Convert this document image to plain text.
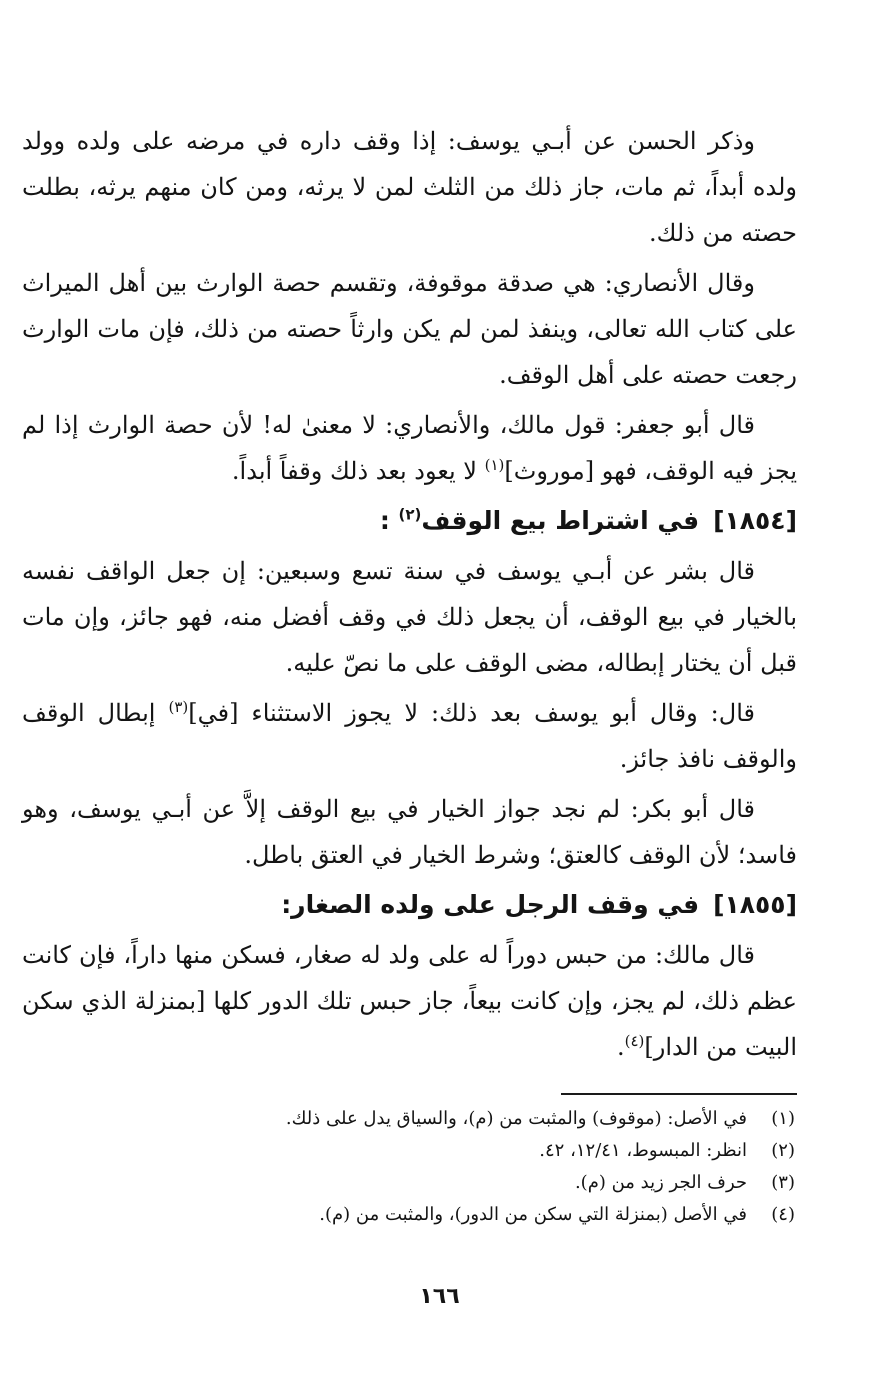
وذكر الحسن عن أبـي يوسف: إذا وقف داره في مرضه على ولده وولد ولده أبداً، ثم مات، جاز ذلك من الثلث لمن لا يرثه، ومن كان منهم يرثه، بطلت حصته من ذلك.

وقال الأنصاري: هي صدقة موقوفة، وتقسم حصة الوارث بين أهل الميراث على كتاب الله تعالى، وينفذ لمن لم يكن وارثاً حصته من ذلك، فإن مات الوارث رجعت حصته على أهل الوقف.

قال أبو جعفر: قول مالك، والأنصاري: لا معنىٰ له! لأن حصة الوارث إذا لم يجز فيه الوقف، فهو [موروث]$^{(١)}$ لا يعود بعد ذلك وقفاً أبداً.

[١٨٥٤]في اشتراط بيع الوقف$^{(٢)}$ :

قال بشر عن أبـي يوسف في سنة تسع وسبعين: إن جعل الواقف نفسه بالخيار في بيع الوقف، أن يجعل ذلك في وقف أفضل منه، فهو جائز، وإن مات قبل أن يختار إبطاله، مضى الوقف على ما نصّ عليه.

قال: وقال أبو يوسف بعد ذلك: لا يجوز الاستثناء [في]$^{(٣)}$ إبطال الوقف والوقف نافذ جائز.

قال أبو بكر: لم نجد جواز الخيار في بيع الوقف إلاَّ عن أبـي يوسف، وهو فاسد؛ لأن الوقف كالعتق؛ وشرط الخيار في العتق باطل.

[١٨٥٥]في وقف الرجل على ولده الصغار:

قال مالك: من حبس دوراً له على ولد له صغار، فسكن منها داراً، فإن كانت عظم ذلك، لم يجز، وإن كانت بيعاً، جاز حبس تلك الدور كلها [بمنزلة الذي سكن البيت من الدار]$^{(٤)}$.

(١)في الأصل: (موقوف) والمثبت من (م)، والسياق يدل على ذلك.

(٢)انظر: المبسوط، ١٢/٤١، ٤٢.

(٣)حرف الجر زيد من (م).

(٤)في الأصل (بمنزلة التي سكن من الدور)، والمثبت من (م).

١٦٦
